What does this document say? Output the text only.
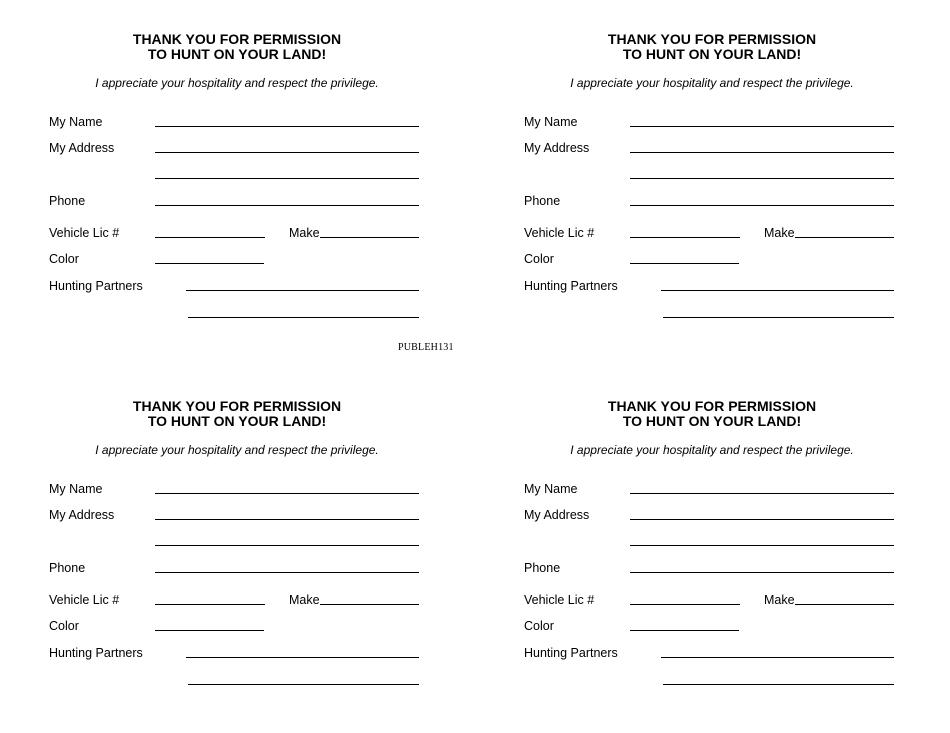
THANK YOU FOR PERMISSION
TO HUNT ON YOUR LAND!
I appreciate your hospitality and respect the privilege.
My Name
My Address
Phone
Vehicle Lic #	Make
Color
Hunting Partners
THANK YOU FOR PERMISSION
TO HUNT ON YOUR LAND!
I appreciate your hospitality and respect the privilege.
My Name
My Address
Phone
Vehicle Lic #	Make
Color
Hunting Partners
PUBLEH131
THANK YOU FOR PERMISSION
TO HUNT ON YOUR LAND!
I appreciate your hospitality and respect the privilege.
My Name
My Address
Phone
Vehicle Lic #	Make
Color
Hunting Partners
THANK YOU FOR PERMISSION
TO HUNT ON YOUR LAND!
I appreciate your hospitality and respect the privilege.
My Name
My Address
Phone
Vehicle Lic #	Make
Color
Hunting Partners
